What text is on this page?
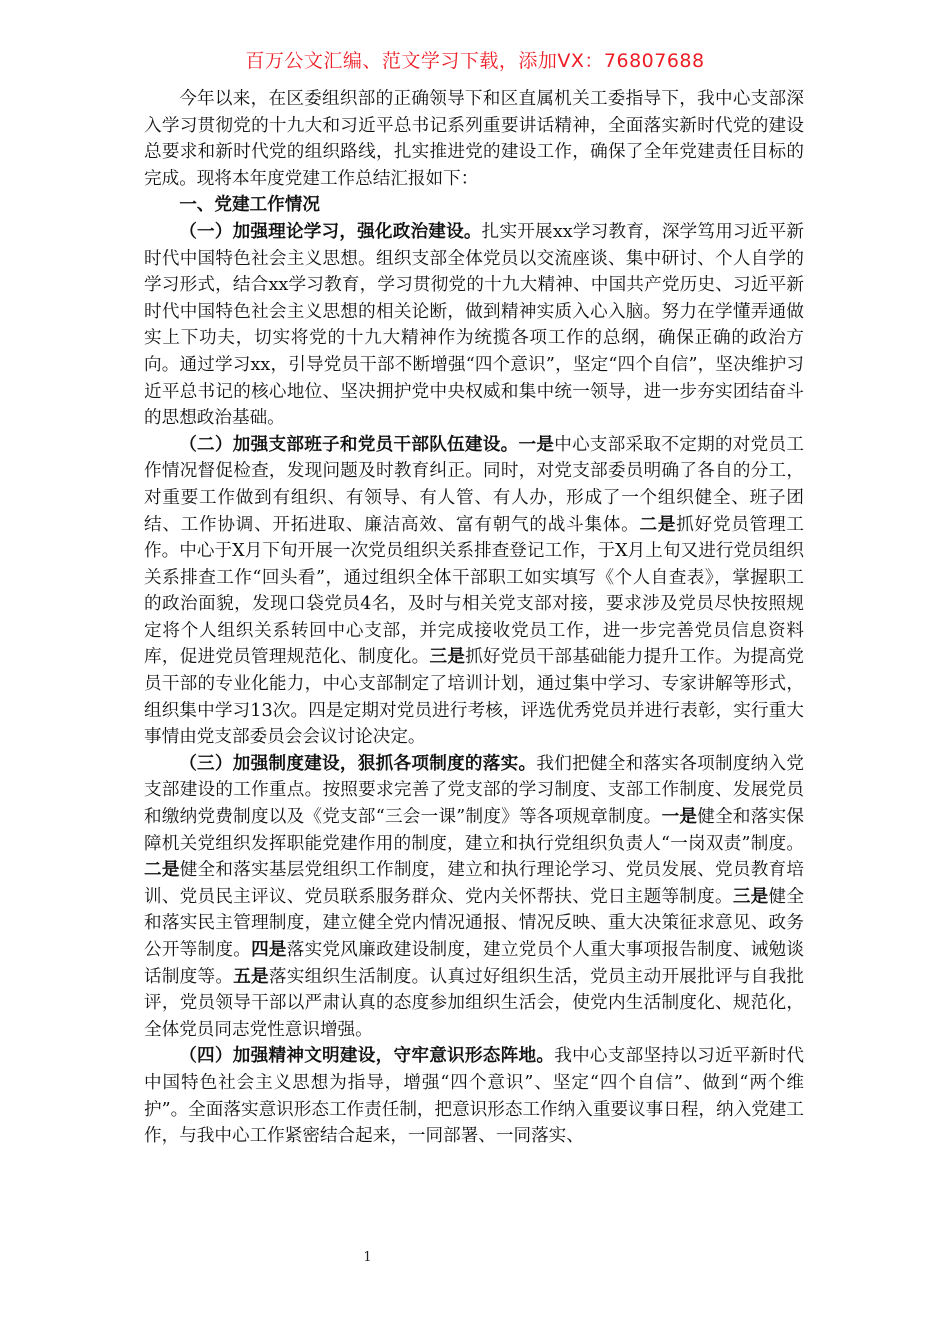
百万公文汇编、范文学习下载，添加VX：76807688

今年以来，在区委组织部的正确领导下和区直属机关工委指导下，我中心支部深入学习贯彻党的十九大和习近平总书记系列重要讲话精神，全面落实新时代党的建设总要求和新时代党的组织路线，扎实推进党的建设工作，确保了全年党建责任目标的完成。现将本年度党建工作总结汇报如下：

一、党建工作情况

（一）加强理论学习，强化政治建设。扎实开展xx学习教育，深学笃用习近平新时代中国特色社会主义思想。组织支部全体党员以交流座谈、集中研讨、个人自学的学习形式，结合xx学习教育，学习贯彻党的十九大精神、中国共产党历史、习近平新时代中国特色社会主义思想的相关论断，做到精神实质入心入脑。努力在学懂弄通做实上下功夫，切实将党的十九大精神作为统揽各项工作的总纲，确保正确的政治方向。通过学习xx，引导党员干部不断增强“四个意识”，坚定“四个自信”，坚决维护习近平总书记的核心地位、坚决拥护党中央权威和集中统一领导，进一步夯实团结奋斗的思想政治基础。

（二）加强支部班子和党员干部队伍建设。一是中心支部采取不定期的对党员工作情况督促检查，发现问题及时教育纠正。同时，对党支部委员明确了各自的分工，对重要工作做到有组织、有领导、有人管、有人办，形成了一个组织健全、班子团结、工作协调、开拓进取、廉洁高效、富有朝气的战斗集体。二是抓好党员管理工作。中心于X月下旬开展一次党员组织关系排查登记工作，于X月上旬又进行党员组织关系排查工作“回头看”，通过组织全体干部职工如实填写《个人自查表》，掌握职工的政治面貌，发现口袋党员4名，及时与相关党支部对接，要求涉及党员尽快按照规定将个人组织关系转回中心支部，并完成接收党员工作，进一步完善党员信息资料库，促进党员管理规范化、制度化。三是抓好党员干部基础能力提升工作。为提高党员干部的专业化能力，中心支部制定了培训计划，通过集中学习、专家讲解等形式，组织集中学习13次。四是定期对党员进行考核，评选优秀党员并进行表彰，实行重大事情由党支部委员会会议讨论决定。

（三）加强制度建设，狠抓各项制度的落实。我们把健全和落实各项制度纳入党支部建设的工作重点。按照要求完善了党支部的学习制度、支部工作制度、发展党员和缴纳党费制度以及《党支部“三会一课”制度》等各项规章制度。一是健全和落实保障机关党组织发挥职能党建作用的制度，建立和执行党组织负责人“一岗双责”制度。二是健全和落实基层党组织工作制度，建立和执行理论学习、党员发展、党员教育培训、党员民主评议、党员联系服务群众、党内关怀帮扶、党日主题等制度。三是健全和落实民主管理制度，建立健全党内情况通报、情况反映、重大决策征求意见、政务公开等制度。四是落实党风廉政建设制度，建立党员个人重大事项报告制度、诫勉谈话制度等。五是落实组织生活制度。认真过好组织生活，党员主动开展批评与自我批评，党员领导干部以严肃认真的态度参加组织生活会，使党内生活制度化、规范化，全体党员同志党性意识增强。

（四）加强精神文明建设，守牢意识形态阵地。我中心支部坚持以习近平新时代中国特色社会主义思想为指导，增强“四个意识”、坚定“四个自信”、做到“两个维护”。全面落实意识形态工作责任制，把意识形态工作纳入重要议事日程，纳入党建工作，与我中心工作紧密结合起来，一同部署、一同落实、

1
